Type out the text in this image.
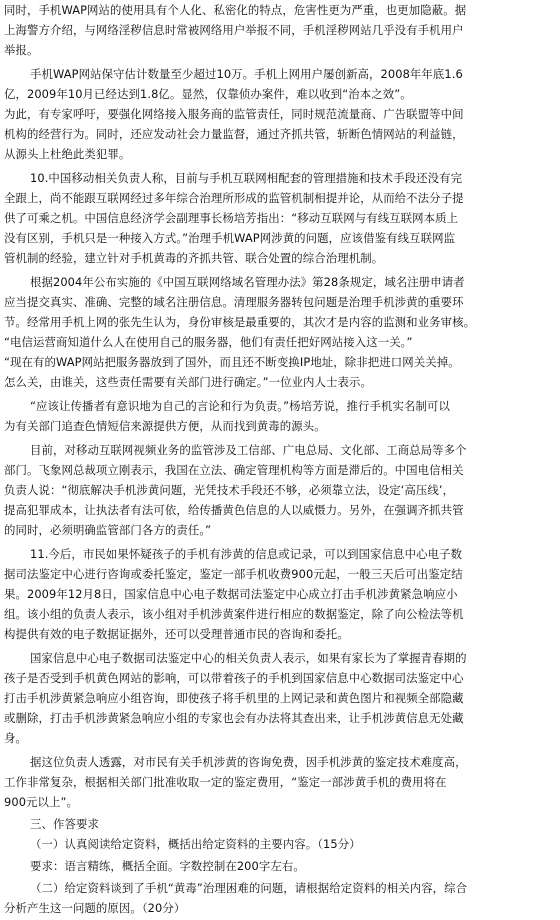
同时，手机WAP网站的使用具有个人化、私密化的特点，危害性更为严重，也更加隐蔽。据
上海警方介绍，与网络淫秽信息时常被网络用户举报不同，手机淫秽网站几乎没有手机用户
举报。
手机WAP网站保守估计数量至少超过10万。手机上网用户屡创新高，2008年年底1.6
亿，2009年10月已经达到1.8亿。显然，仅靠侦办案件，难以收到“治本之效”。
为此，有专家呼吁，要强化网络接入服务商的监管责任，同时规范流量商、广告联盟等中间
机构的经营行为。同时，还应发动社会力量监督，通过齐抓共管，斩断色情网站的利益链，
从源头上杜绝此类犯罪。
10.中国移动相关负责人称，目前与手机互联网相配套的管理措施和技术手段还没有完
全跟上，尚不能跟互联网经过多年综合治理所形成的监管机制相提并论，从而给不法分子提
供了可乘之机。中国信息经济学会副理事长杨培芳指出：“移动互联网与有线互联网本质上
没有区别，手机只是一种接入方式。”治理手机WAP网涉黄的问题，应该借鉴有线互联网监
管机制的经验，建立针对手机黄毒的齐抓共管、联合处置的综合治理机制。
根据2004年公布实施的《中国互联网络域名管理办法》第28条规定，域名注册申请者
应当提交真实、准确、完整的域名注册信息。清理服务器转包问题是治理手机涉黄的重要环
节。经常用手机上网的张先生认为，身份审核是最重要的，其次才是内容的监测和业务审核。
“电信运营商知道什么人在使用自己的服务器，他们有责任把好网站接入这一关。”
“现在有的WAP网站把服务器放到了国外，而且还不断变换IP地址，除非把进口网关关掉。
怎么关，由谁关，这些责任需要有关部门进行确定。”一位业内人士表示。
“应该让传播者有意识地为自己的言论和行为负责。”杨培芳说，推行手机实名制可以
为有关部门追查色情短信来源提供方便，从而找到黄毒的源头。
目前，对移动互联网视频业务的监管涉及工信部、广电总局、文化部、工商总局等多个
部门。飞象网总裁项立刚表示，我国在立法、确定管理机构等方面是滞后的。中国电信相关
负责人说：“彻底解决手机涉黄问题，光凭技术手段还不够，必须靠立法，设定‘高压线’，
提高犯罪成本，让执法者有法可依，给传播黄色信息的人以威慑力。另外，在强调齐抓共管
的同时，必须明确监管部门各方的责任。”
11.今后，市民如果怀疑孩子的手机有涉黄的信息或记录，可以到国家信息中心电子数
据司法鉴定中心进行咨询或委托鉴定，鉴定一部手机收费900元起，一般三天后可出鉴定结
果。2009年12月8日，国家信息中心电子数据司法鉴定中心成立打击手机涉黄紧急响应小
组。该小组的负责人表示，该小组对手机涉黄案件进行相应的数据鉴定，除了向公检法等机
构提供有效的电子数据证据外，还可以受理普通市民的咨询和委托。
国家信息中心电子数据司法鉴定中心的相关负责人表示，如果有家长为了掌握青春期的
孩子是否受到手机黄色网站的影响，可以带着孩子的手机到国家信息中心数据司法鉴定中心
打击手机涉黄紧急响应小组咨询，即使孩子将手机里的上网记录和黄色图片和视频全部隐藏
或删除，打击手机涉黄紧急响应小组的专家也会有办法将其查出来，让手机涉黄信息无处藏
身。
据这位负责人透露，对市民有关手机涉黄的咨询免费，因手机涉黄的鉴定技术难度高，
工作非常复杂，根据相关部门批准收取一定的鉴定费用，“鉴定一部涉黄手机的费用将在
900元以上”。
三、作答要求
（一）认真阅读给定资料，概括出给定资料的主要内容。（15分）
要求：语言精练，概括全面。字数控制在200字左右。
（二）给定资料谈到了手机“黄毒”治理困难的问题，请根据给定资料的相关内容，综合
分析产生这一问题的原因。（20分）
